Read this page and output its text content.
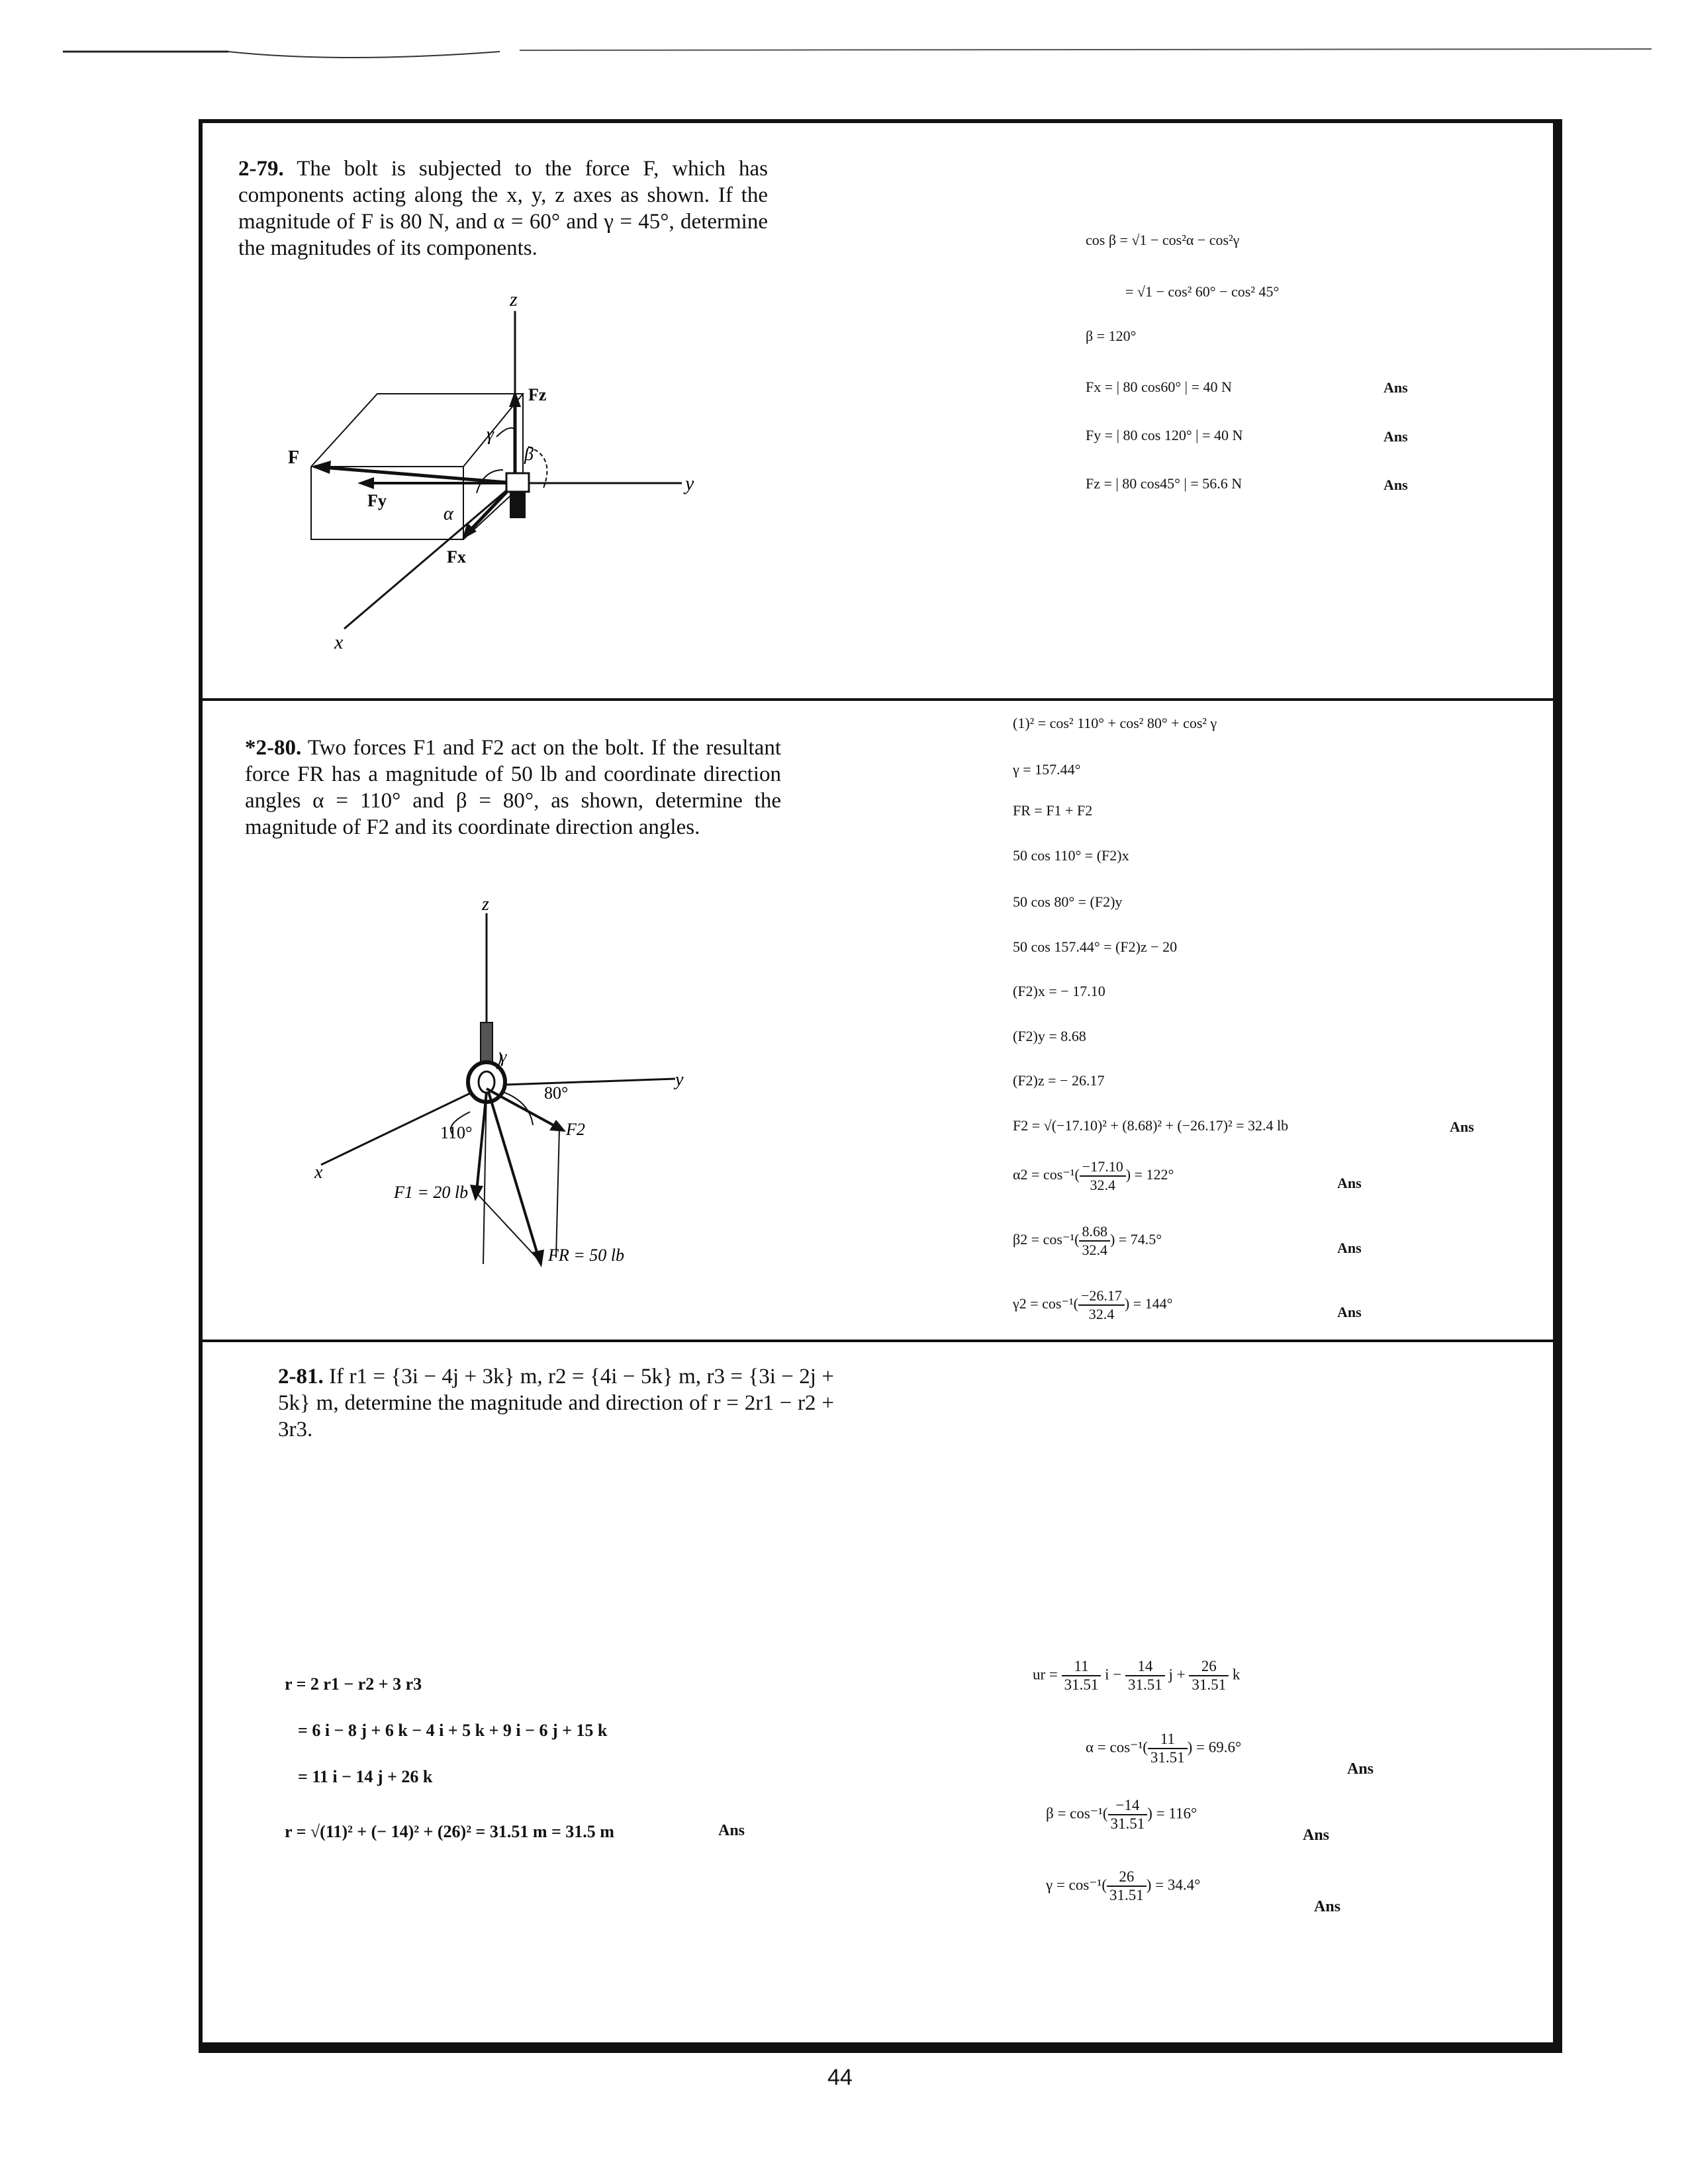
2-79. The bolt is subjected to the force F, which has components acting along the x, y, z axes as shown. If the magnitude of F is 80 N, and α = 60° and γ = 45°, determine the magnitudes of its components.
z
y
x
F
Fz
Fy
Fx
α
β
γ
cos β = √1 − cos²α − cos²γ
= √1 − cos² 60° − cos² 45°
β = 120°
Fx = | 80 cos60° | = 40 N
Fy = | 80 cos 120° | = 40 N
Fz = | 80 cos45° | = 56.6 N
Ans
Ans
Ans
*2-80. Two forces F1 and F2 act on the bolt. If the resultant force FR has a magnitude of 50 lb and coordinate direction angles α = 110° and β = 80°, as shown, determine the magnitude of F2 and its coordinate direction angles.
z
y
x
γ
80°
110°
F1 = 20 lb
F2
FR = 50 lb
(1)² = cos² 110° + cos² 80° + cos² γ
γ = 157.44°
FR = F1 + F2
50 cos 110° = (F2)x
50 cos 80° = (F2)y
50 cos 157.44° = (F2)z − 20
(F2)x = − 17.10
(F2)y = 8.68
(F2)z = − 26.17
F2 = √(−17.10)² + (8.68)² + (−26.17)² = 32.4 lb	Ans
$\alpha 2 = \cos^{-1}( \frac{-17.10}{32.4}$ ) = 122°
$\beta 2 = \cos^{-1}( \frac{8.68}{32.4}$ ) = 74.5°
$\gamma 2 = \cos^{-1}( \frac{-26.17}{32.4}$ ) = 144°
Ans
Ans
Ans
2-81. If r1 = {3i − 4j + 3k} m, r2 = {4i − 5k} m, r3 = {3i − 2j + 5k} m, determine the magnitude and direction of r = 2r1 − r2 + 3r3.
r = 2 r1 − r2 + 3 r3
= 6 i − 8 j + 6 k − 4 i + 5 k + 9 i − 6 j + 15 k
= 11 i − 14 j + 26 k
r = √(11)² + (− 14)² + (26)² = 31.51 m = 31.5 m	Ans
ur = $\frac{11}{31.51}$ $i - \frac{14}{31.51}$ $j + \frac{26}{31.51}$ k
$\alpha = \cos^{-1}( \frac{11}{31.51}$ ) = 69.6°
$\beta = \cos^{-1}( \frac{-14}{31.51}$ ) = 116°
$\gamma = \cos^{-1}( \frac{26}{31.51}$ ) = 34.4°
Ans
Ans
Ans
44
